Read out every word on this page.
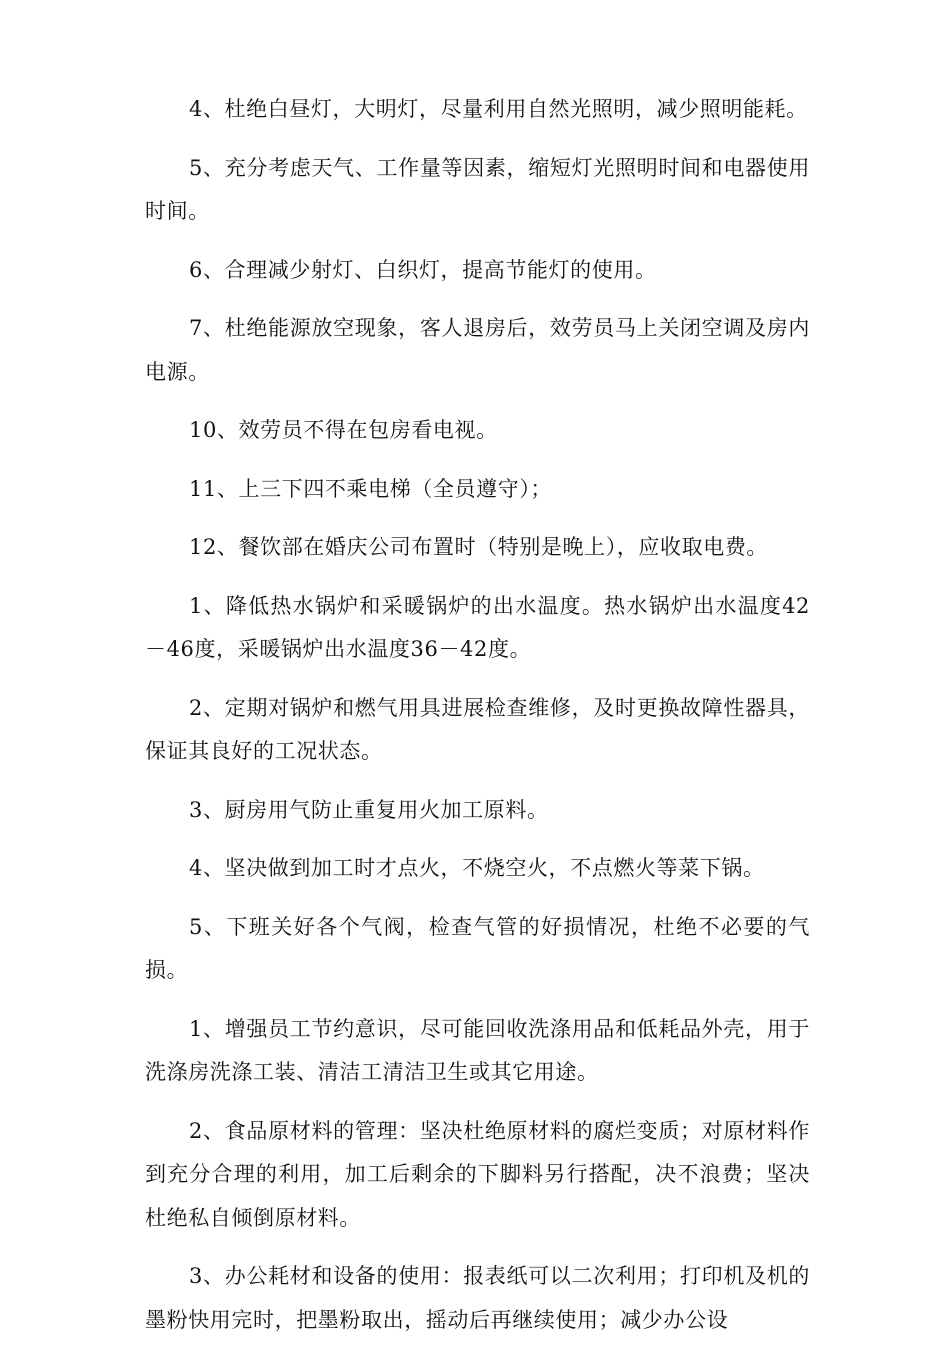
4、杜绝白昼灯，大明灯，尽量利用自然光照明，减少照明能耗。

5、充分考虑天气、工作量等因素，缩短灯光照明时间和电器使用时间。

6、合理减少射灯、白织灯，提高节能灯的使用。

7、杜绝能源放空现象，客人退房后，效劳员马上关闭空调及房内电源。

10、效劳员不得在包房看电视。

11、上三下四不乘电梯（全员遵守）；

12、餐饮部在婚庆公司布置时（特别是晚上），应收取电费。

1、降低热水锅炉和采暖锅炉的出水温度。热水锅炉出水温度42－46度，采暖锅炉出水温度36－42度。

2、定期对锅炉和燃气用具进展检查维修，及时更换故障性器具，保证其良好的工况状态。

3、厨房用气防止重复用火加工原料。

4、坚决做到加工时才点火，不烧空火，不点燃火等菜下锅。

5、下班关好各个气阀，检查气管的好损情况，杜绝不必要的气损。

1、增强员工节约意识，尽可能回收洗涤用品和低耗品外壳，用于洗涤房洗涤工装、清洁工清洁卫生或其它用途。

2、食品原材料的管理：坚决杜绝原材料的腐烂变质；对原材料作到充分合理的利用，加工后剩余的下脚料另行搭配，决不浪费；坚决杜绝私自倾倒原材料。

3、办公耗材和设备的使用：报表纸可以二次利用；打印机及机的墨粉快用完时，把墨粉取出，摇动后再继续使用；减少办公设
